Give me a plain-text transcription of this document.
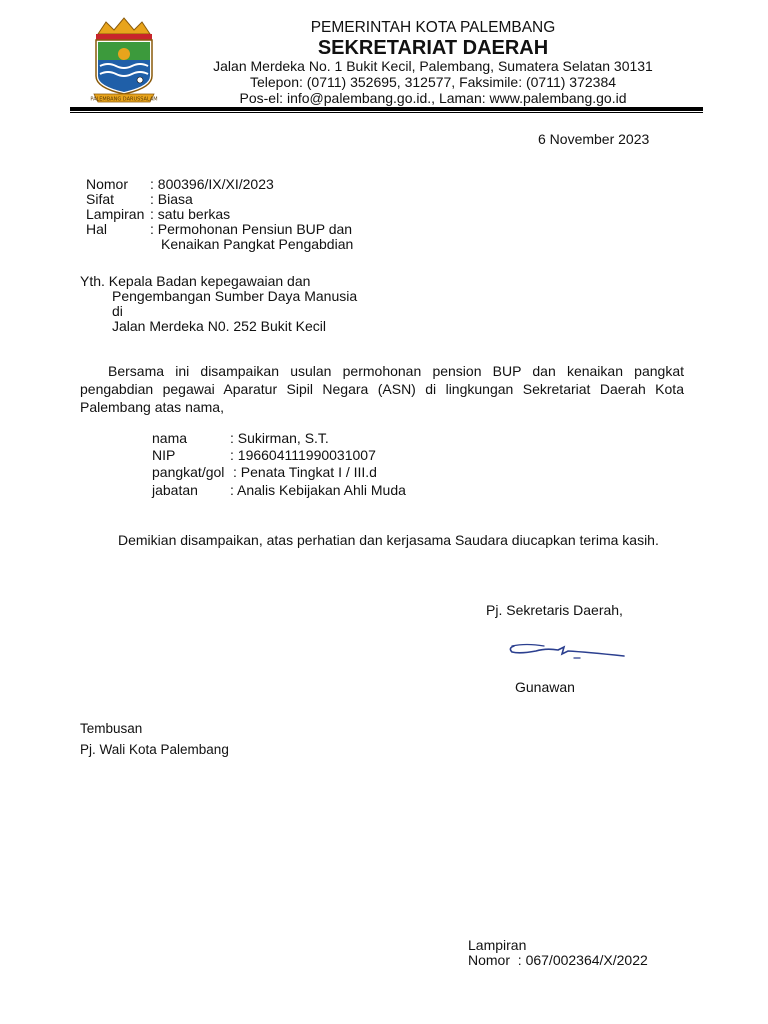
PALEMBANG DARUSSALAM
PEMERINTAH KOTA PALEMBANG
SEKRETARIAT DAERAH
Jalan Merdeka No. 1 Bukit Kecil, Palembang, Sumatera Selatan 30131
Telepon: (0711) 352695, 312577, Faksimile: (0711) 372384
Pos-el: info@palembang.go.id., Laman: www.palembang.go.id
6 November 2023
Nomor : 800396/IX/XI/2023
Sifat	: Biasa
Lampiran : satu berkas
Hal	: Permohonan Pensiun BUP dan
Kenaikan Pangkat Pengabdian
Yth. Kepala Badan kepegawaian dan
Pengembangan Sumber Daya Manusia
di
Jalan Merdeka N0. 252 Bukit Kecil
Bersama ini disampaikan usulan permohonan pension BUP dan kenaikan pangkat pengabdian pegawai Aparatur Sipil Negara (ASN) di lingkungan Sekretariat Daerah Kota Palembang atas nama,
nama	: Sukirman, S.T.
NIP	: 196604111990031007
pangkat/gol : Penata Tingkat I / III.d
jabatan : Analis Kebijakan Ahli Muda
Demikian disampaikan, atas perhatian dan kerjasama Saudara diucapkan terima kasih.
Pj. Sekretaris Daerah,
Gunawan
Tembusan
Pj. Wali Kota Palembang
Lampiran
Nomor  : 067/002364/X/2022
